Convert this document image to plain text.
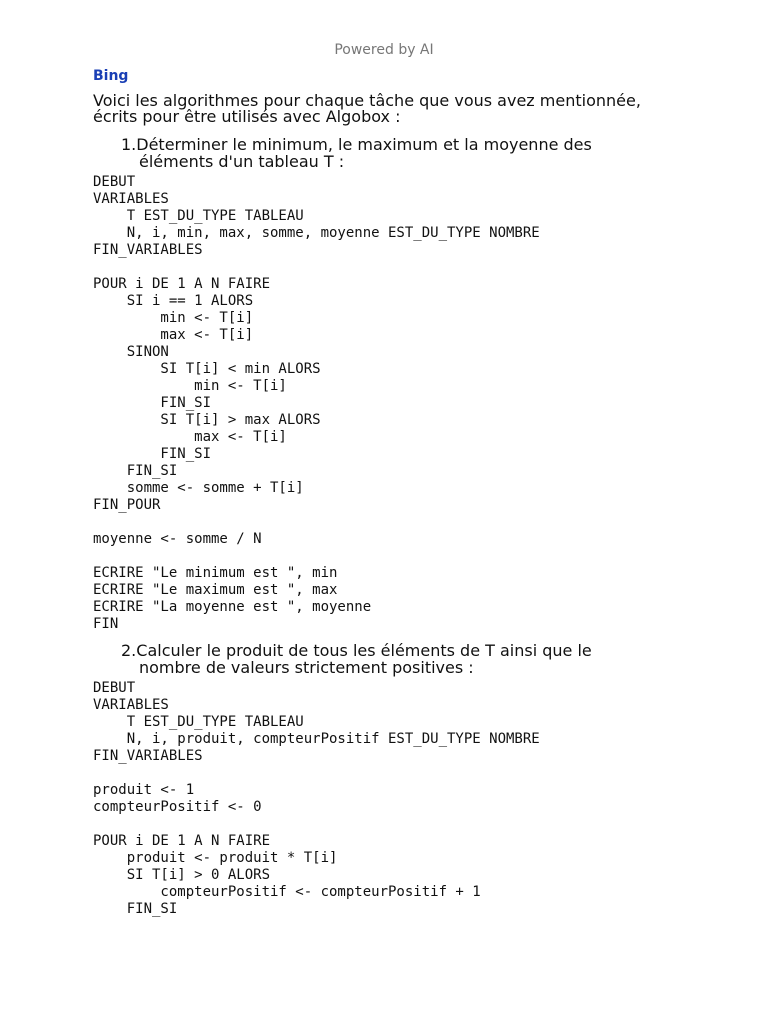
Powered by AI
Bing
Voici les algorithmes pour chaque tâche que vous avez mentionnée,
écrits pour être utilisés avec Algobox :
1.Déterminer le minimum, le maximum et la moyenne des
éléments d'un tableau T :
DEBUT
VARIABLES
T EST_DU_TYPE TABLEAU
N, i, min, max, somme, moyenne EST_DU_TYPE NOMBRE
FIN_VARIABLES

POUR i DE 1 A N FAIRE
SI i == 1 ALORS
min <- T[i]
max <- T[i]
SINON
SI T[i] < min ALORS
min <- T[i]
FIN_SI
SI T[i] > max ALORS
max <- T[i]
FIN_SI
FIN_SI
somme <- somme + T[i]
FIN_POUR

moyenne <- somme / N

ECRIRE "Le minimum est ", min
ECRIRE "Le maximum est ", max
ECRIRE "La moyenne est ", moyenne
FIN
2.Calculer le produit de tous les éléments de T ainsi que le
nombre de valeurs strictement positives :
DEBUT
VARIABLES
T EST_DU_TYPE TABLEAU
N, i, produit, compteurPositif EST_DU_TYPE NOMBRE
FIN_VARIABLES

produit <- 1
compteurPositif <- 0

POUR i DE 1 A N FAIRE
produit <- produit * T[i]
SI T[i] > 0 ALORS
compteurPositif <- compteurPositif + 1
FIN_SI
